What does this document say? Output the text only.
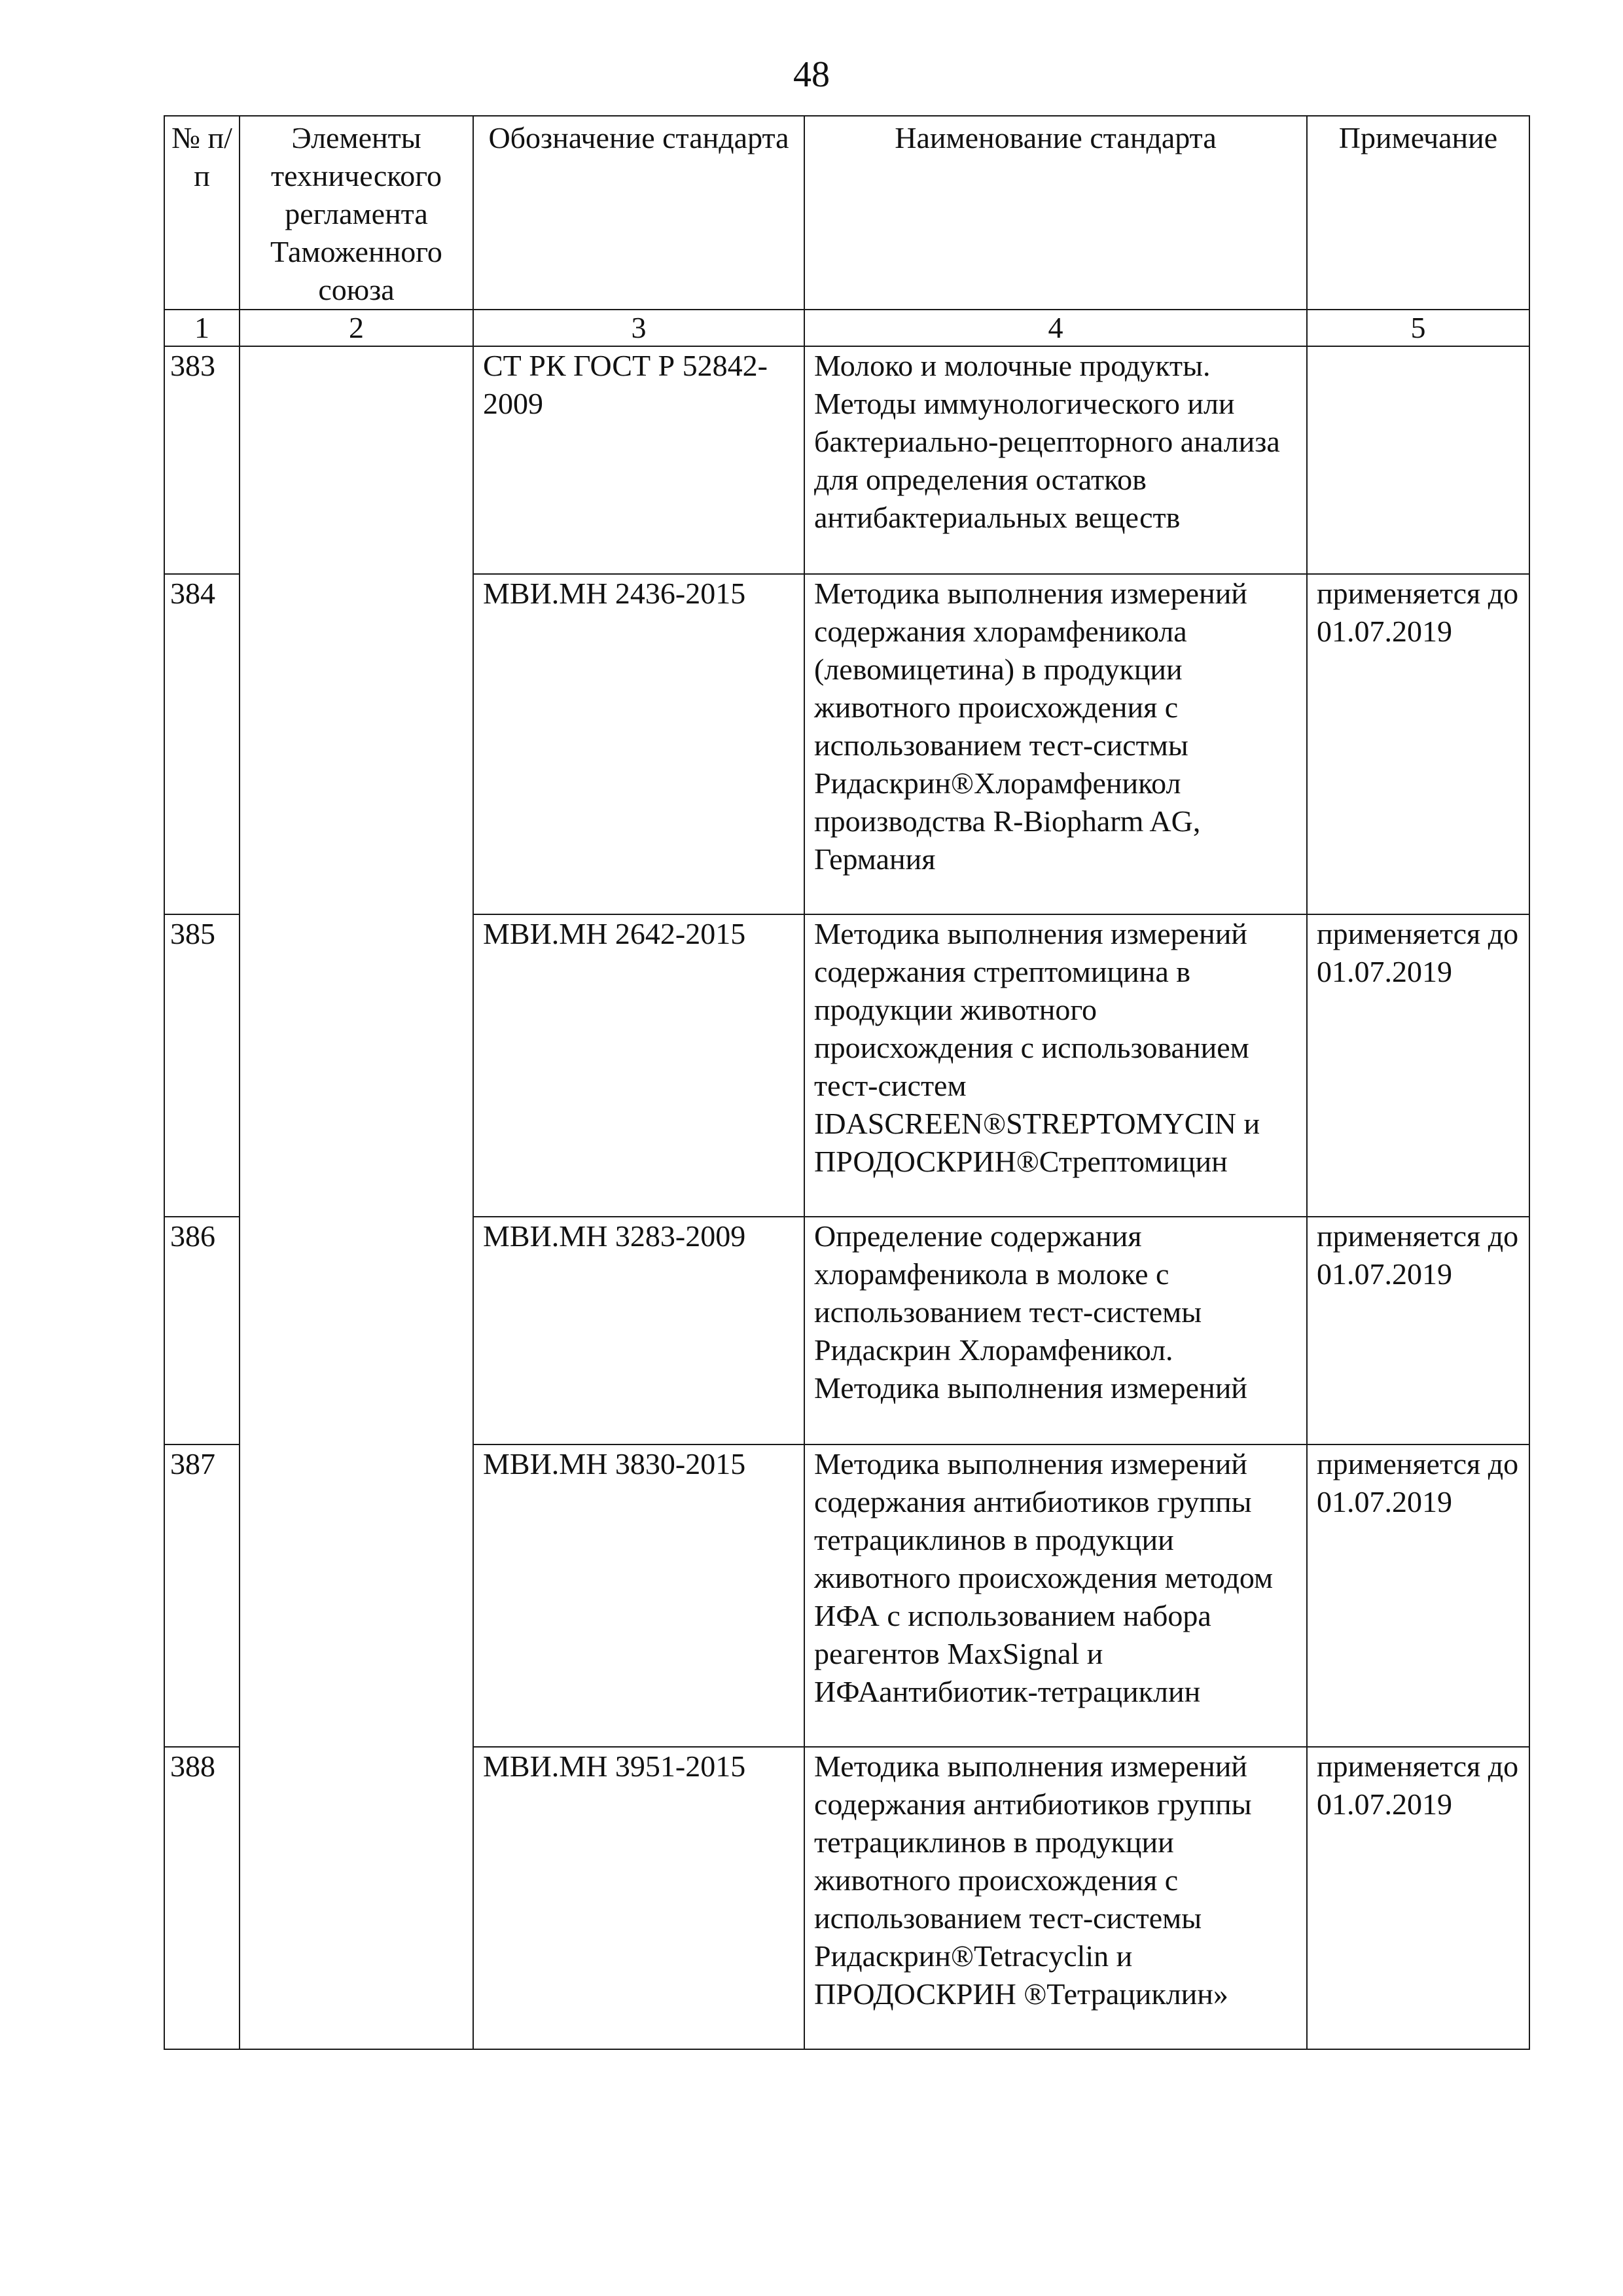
48
№ п/п	Элементы технического регламента Таможенного союза	Обозначение стандарта	Наименование стандарта	Примечание
1	2	3	4	5
383		СТ РК ГОСТ Р 52842-2009	Молоко и молочные продукты. Методы иммунологического или бактериально-рецепторного анализа для определения остатков антибактериальных веществ	
384		МВИ.МН 2436-2015	Методика выполнения измерений содержания хлорамфеникола (левомицетина) в продукции животного происхождения с использованием тест-систмы Ридаскрин®Хлорамфеникол производства R-Biopharm AG, Германия	применяется до 01.07.2019
385		МВИ.МН 2642-2015	Методика выполнения измерений содержания стрептомицина в продукции животного происхождения с использованием тест-систем IDASCREEN®STREPTOMYCIN и ПРОДОСКРИН®Стрептомицин	применяется до 01.07.2019
386		МВИ.МН 3283-2009	Определение содержания хлорамфеникола в молоке с использованием тест-системы Ридаскрин Хлорамфеникол. Методика выполнения измерений	применяется до 01.07.2019
387		МВИ.МН 3830-2015	Методика выполнения измерений содержания антибиотиков группы тетрациклинов в продукции животного происхождения методом ИФА с использованием набора реагентов MaxSignal и ИФАантибиотик-тетрациклин	применяется до 01.07.2019
388		МВИ.МН 3951-2015	Методика выполнения измерений содержания антибиотиков группы тетрациклинов в продукции животного происхождения с использованием тест-системы Ридаскрин®Tetracyclin и ПРОДОСКРИН ®Тетрациклин»	применяется до 01.07.2019
